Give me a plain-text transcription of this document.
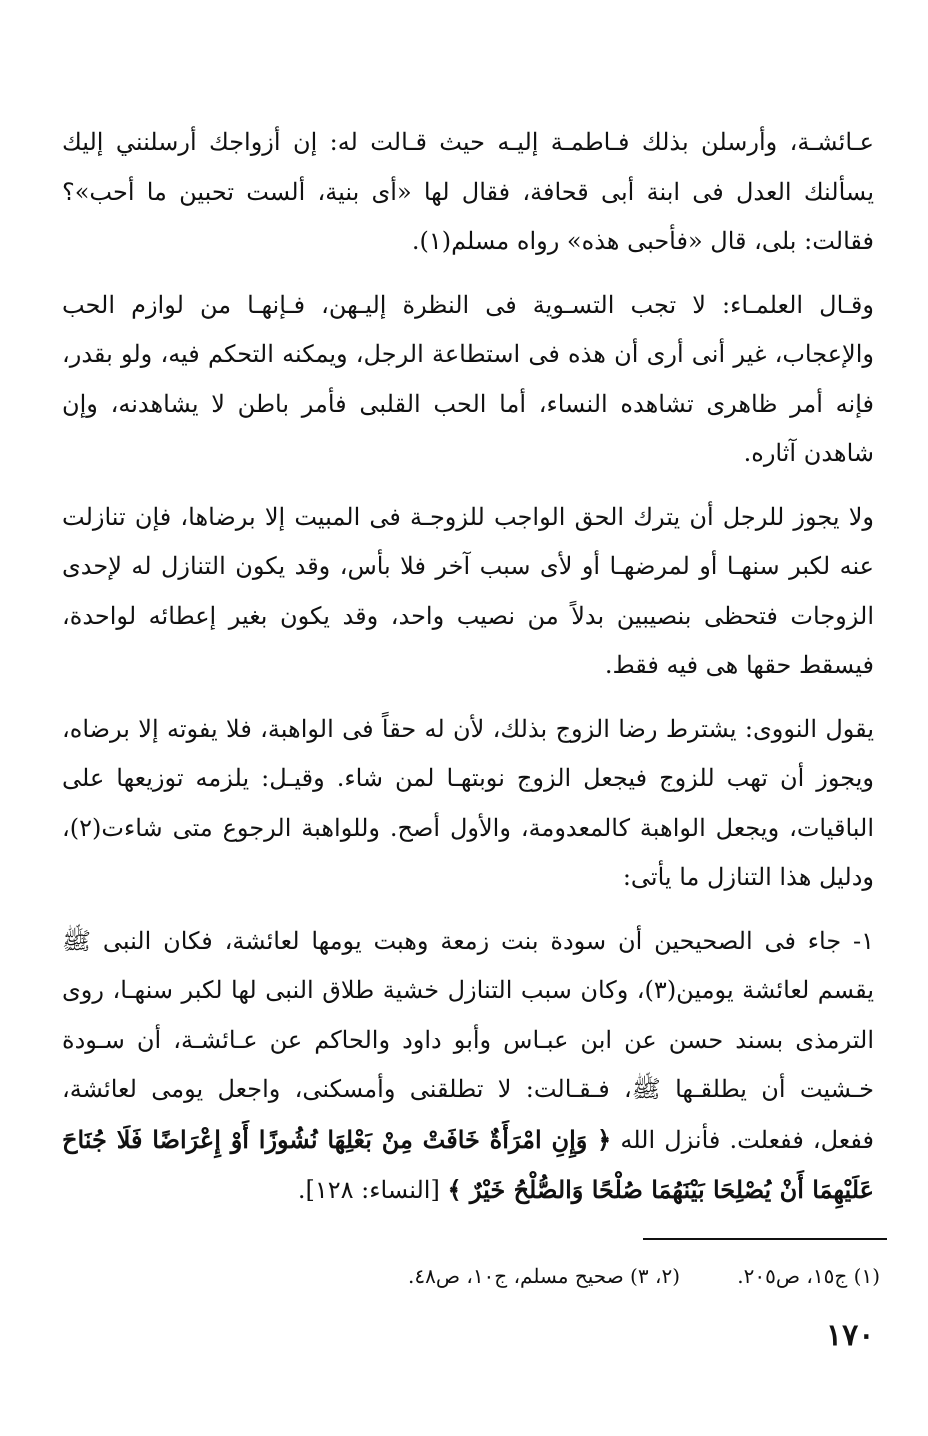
عـائشـة، وأرسلن بذلك فـاطمـة إليـه حيث قـالت له: إن أزواجك أرسلنني إليك يسألنك العدل فى ابنة أبى قحافة، فقال لها «أى بنية، ألست تحبين ما أحب»؟ فقالت: بلى، قال «فأحبى هذه» رواه مسلم(١).

وقـال العلمـاء: لا تجب التسـوية فى النظرة إليـهن، فـإنهـا من لوازم الحب والإعجاب، غير أنى أرى أن هذه فى استطاعة الرجل، ويمكنه التحكم فيه، ولو بقدر، فإنه أمر ظاهرى تشاهده النساء، أما الحب القلبى فأمر باطن لا يشاهدنه، وإن شاهدن آثاره.

ولا يجوز للرجل أن يترك الحق الواجب للزوجـة فى المبيت إلا برضاها، فإن تنازلت عنه لكبر سنهـا أو لمرضهـا أو لأى سبب آخر فلا بأس، وقد يكون التنازل له لإحدى الزوجات فتحظى بنصيبين بدلاً من نصيب واحد، وقد يكون بغير إعطائه لواحدة، فيسقط حقها هى فيه فقط.

يقول النووى: يشترط رضا الزوج بذلك، لأن له حقاً فى الواهبة، فلا يفوته إلا برضاه، ويجوز أن تهب للزوج فيجعل الزوج نوبتهـا لمن شاء. وقيـل: يلزمه توزيعها على الباقيات، ويجعل الواهبة كالمعدومة، والأول أصح. وللواهبة الرجوع متى شاءت(٢)، ودليل هذا التنازل ما يأتى:

١- جاء فى الصحيحين أن سودة بنت زمعة وهبت يومها لعائشة، فكان النبى ﷺ يقسم لعائشة يومين(٣)، وكان سبب التنازل خشية طلاق النبى لها لكبر سنهـا، روى الترمذى بسند حسن عن ابن عبـاس وأبو داود والحاكم عن عـائشـة، أن سـودة خـشيت أن يطلقـها ﷺ، فـقـالت: لا تطلقنى وأمسكنى، واجعل يومى لعائشة، ففعل، ففعلت. فأنزل الله ﴿ وَإِنِ امْرَأَةٌ خَافَتْ مِنْ بَعْلِهَا نُشُوزًا أَوْ إِعْرَاضًا فَلَا جُنَاحَ عَلَيْهِمَا أَنْ يُصْلِحَا بَيْنَهُمَا صُلْحًا وَالصُّلْحُ خَيْرٌ ﴾ [النساء: ١٢٨].

(١) ج١٥، ص٢٠٥.
(٢، ٣) صحيح مسلم، ج١٠، ص٤٨.
١٧٠
